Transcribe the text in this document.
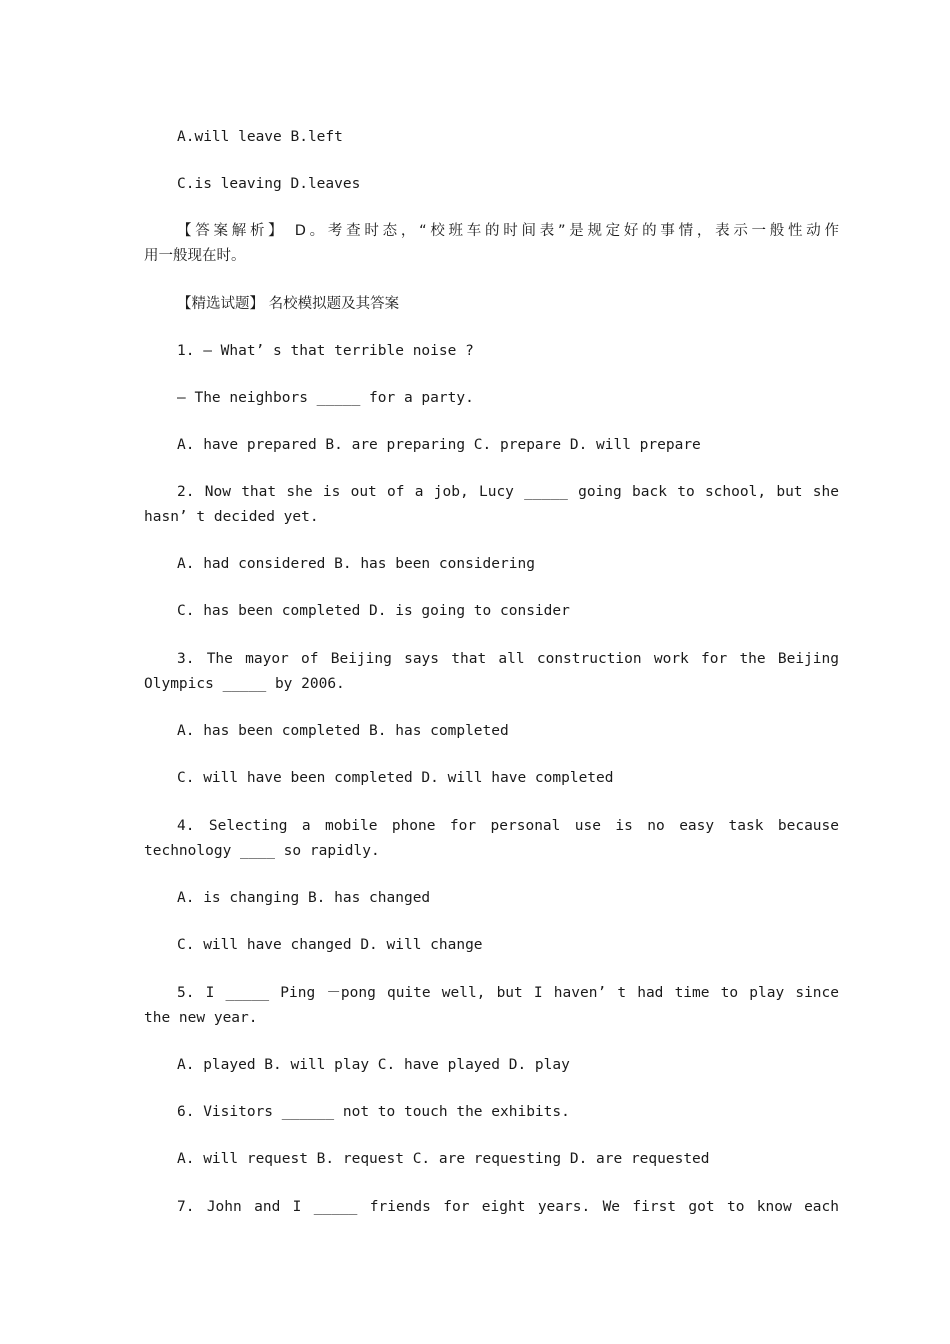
A.will leave B.left

C.is leaving D.leaves

【答案解析】 D。考查时态，“校班车的时间表”是规定好的事情，表示一般性动作

用一般现在时。

【精选试题】 名校模拟题及其答案

1. — What’ s that terrible noise ?

— The neighbors _____ for a party.

A. have prepared B. are preparing C. prepare D. will prepare

2. Now that she is out of a job, Lucy _____ going back to school, but she

hasn’ t decided yet.

A. had considered B. has been considering

C. has been completed D. is going to consider

3. The mayor of Beijing says that all construction work for the Beijing

Olympics _____ by 2006.

A. has been completed B. has completed

C. will have been completed D. will have completed

4. Selecting a mobile phone for personal use is no easy task because

technology ____ so rapidly.

A. is changing B. has changed

C. will have changed D. will change

5. I _____ Ping －pong quite well, but I haven’ t had time to play since

the new year.

A. played B. will play C. have played D. play

6. Visitors ______ not to touch the exhibits.

A. will request B. request C. are requesting D. are requested

7. John and I _____ friends for eight years. We first got to know each
